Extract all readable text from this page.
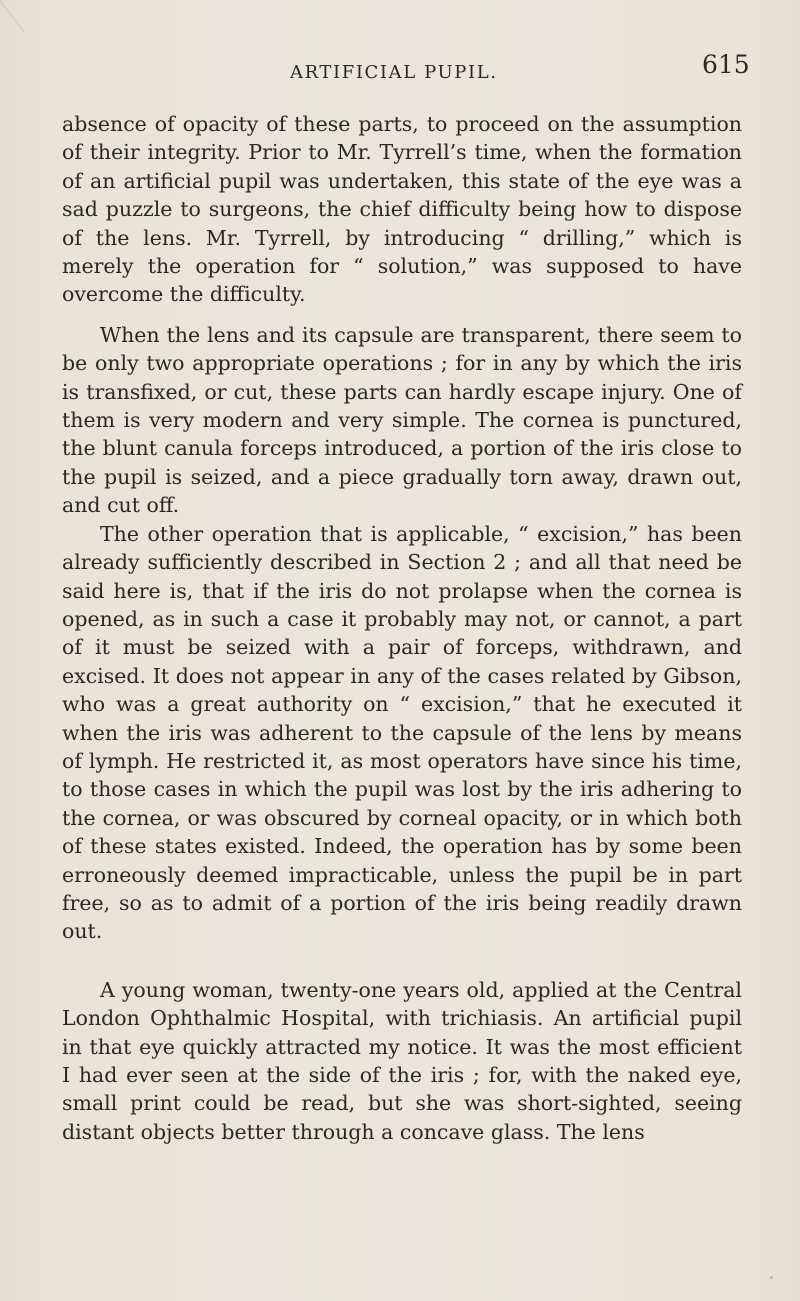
ARTIFICIAL PUPIL.	615

absence of opacity of these parts, to proceed on the assumption of their integrity. Prior to Mr. Tyrrell’s time, when the formation of an artificial pupil was undertaken, this state of the eye was a sad puzzle to surgeons, the chief difficulty being how to dispose of the lens. Mr. Tyrrell, by introducing “ drilling,” which is merely the operation for “ solution,” was supposed to have overcome the difficulty.

When the lens and its capsule are transparent, there seem to be only two appropriate operations ; for in any by which the iris is transfixed, or cut, these parts can hardly escape injury. One of them is very modern and very simple. The cornea is punctured, the blunt canula forceps introduced, a portion of the iris close to the pupil is seized, and a piece gradually torn away, drawn out, and cut off.

The other operation that is applicable, “ excision,” has been already sufficiently described in Section 2 ; and all that need be said here is, that if the iris do not prolapse when the cornea is opened, as in such a case it probably may not, or cannot, a part of it must be seized with a pair of forceps, withdrawn, and excised. It does not appear in any of the cases related by Gibson, who was a great authority on “ excision,” that he executed it when the iris was adherent to the capsule of the lens by means of lymph. He restricted it, as most operators have since his time, to those cases in which the pupil was lost by the iris adhering to the cornea, or was obscured by corneal opacity, or in which both of these states existed. Indeed, the operation has by some been erroneously deemed impracticable, unless the pupil be in part free, so as to admit of a portion of the iris being readily drawn out.

A young woman, twenty-one years old, applied at the Central London Ophthalmic Hospital, with trichiasis. An artificial pupil in that eye quickly attracted my notice. It was the most efficient I had ever seen at the side of the iris ; for, with the naked eye, small print could be read, but she was short-sighted, seeing distant objects better through a concave glass. The lens
